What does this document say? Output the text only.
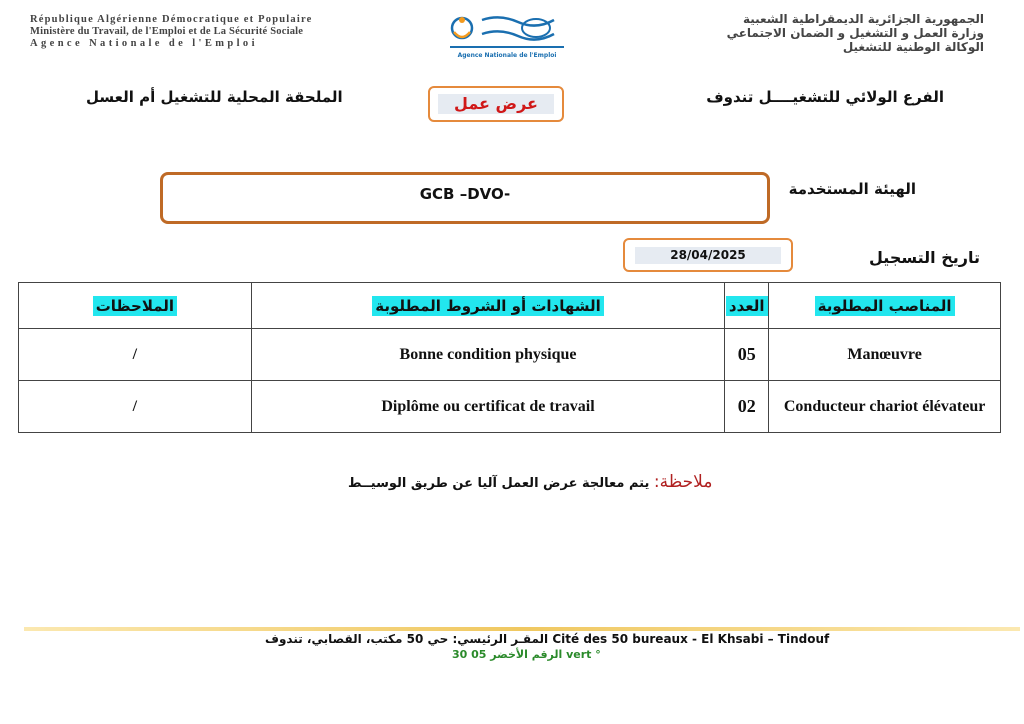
République Algérienne Démocratique et Populaire
Ministère du Travail, de l'Emploi et de La Sécurité Sociale
Agence Nationale de l'Emploi
Agence Nationale de l'Emploi
الجمهورية الجزائرية الديمقراطية الشعبية
وزارة العمل و التشغيل و الضمان الاجتماعي
الوكالة الوطنية للتشغيل
الملحقة المحلية للتشغيل أم العسل	الفرع الولائي للتشغيــــل تندوف
عرض عمل
الهيئة المستخدمة
GCB –DVO-
28/04/2025	تاريخ التسجيل
المناصب المطلوبة	العدد	الشهادات أو الشروط المطلوبة	الملاحظات
Manœuvre	05	Bonne condition physique	/
Conducteur chariot élévateur	02	Diplôme ou certificat de travail	/
ملاحظة: يتم معالجة عرض العمل آليا عن طريق الوسيــط
المقـر الرئيسي: حي 50 مكتب، القصابي، تندوف Cité des 50 bureaux - El Khsabi – Tindouf
الرقم الأخضر 05 30 vert °
